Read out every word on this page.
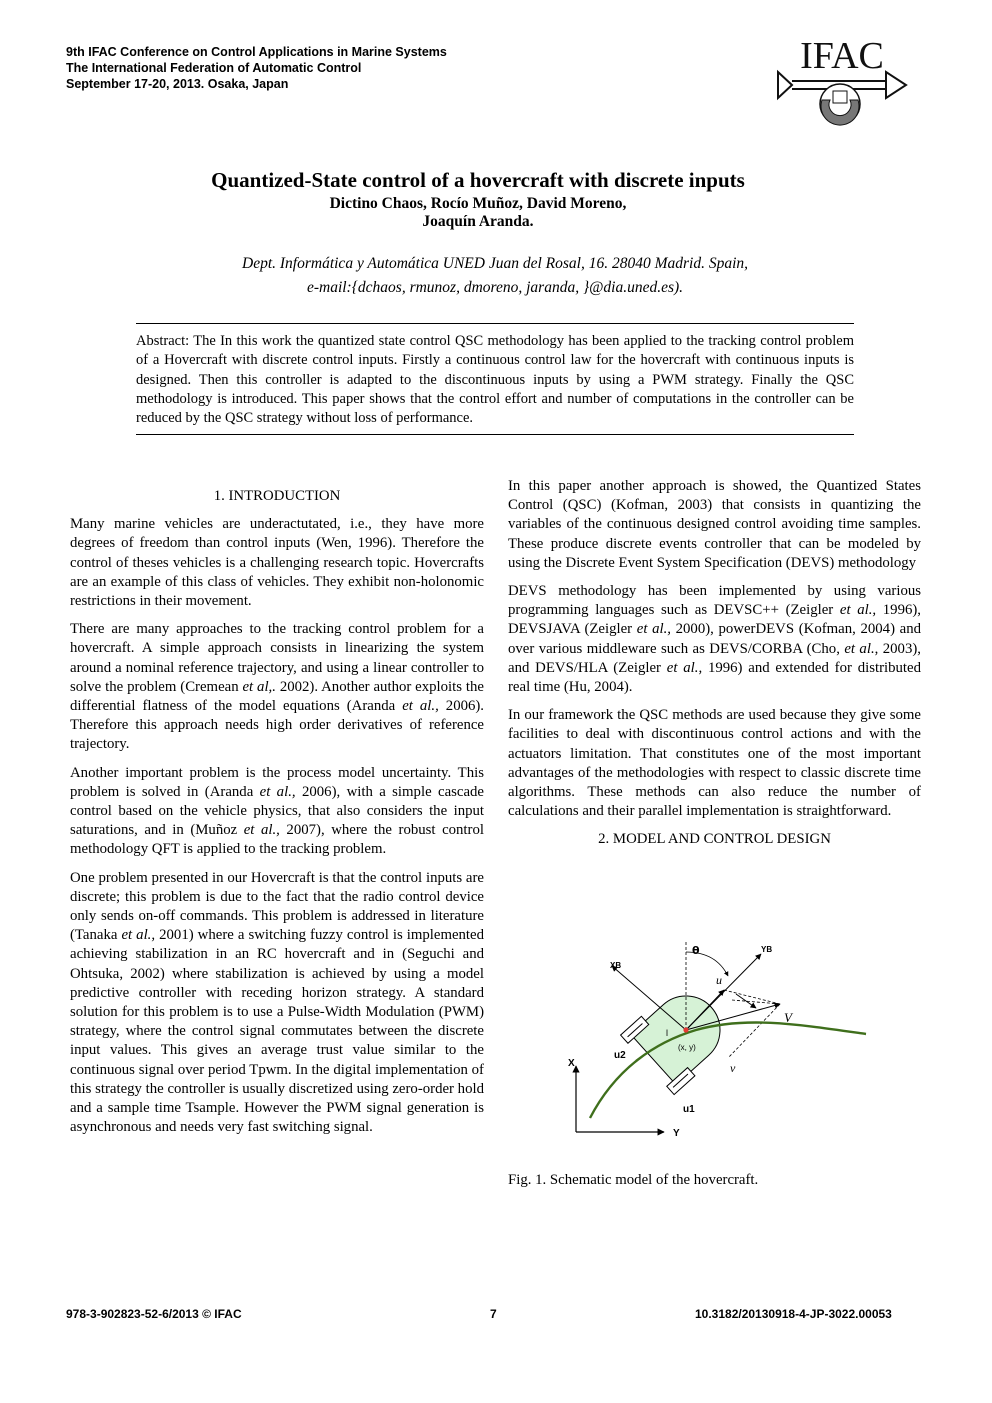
9th IFAC Conference on Control Applications in Marine Systems
The International Federation of Automatic Control
September 17-20, 2013. Osaka, Japan
IFAC
Quantized-State control of a hovercraft with discrete inputs
Dictino Chaos, Rocío Muñoz, David Moreno,
Joaquín Aranda.
Dept. Informática y Automática UNED Juan del Rosal, 16. 28040 Madrid. Spain,
e-mail:{dchaos, rmunoz, dmoreno, jaranda, }@dia.uned.es).
Abstract: The In this work the quantized state control QSC methodology has been applied to the tracking control problem of a Hovercraft with discrete control inputs. Firstly a continuous control law for the hovercraft with continuous inputs is designed. Then this controller is adapted to the discontinuous inputs by using a PWM strategy. Finally the QSC methodology is introduced. This paper shows that the control effort and number of computations in the controller can be reduced by the QSC strategy without loss of performance.
1. INTRODUCTION

Many marine vehicles are underactutated, i.e., they have more degrees of freedom than control inputs (Wen, 1996). Therefore the control of theses vehicles is a challenging research topic. Hovercrafts are an example of this class of vehicles. They exhibit non-holonomic restrictions in their movement.

There are many approaches to the tracking control problem for a hovercraft. A simple approach consists in linearizing the system around a nominal reference trajectory, and using a linear controller to solve the problem (Cremean et al,. 2002). Another author exploits the differential flatness of the model equations (Aranda et al., 2006). Therefore this approach needs high order derivatives of reference trajectory.

Another important problem is the process model uncertainty. This problem is solved in (Aranda et al., 2006), with a simple cascade control based on the vehicle physics, that also considers the input saturations, and in (Muñoz et al., 2007), where the robust control methodology QFT is applied to the tracking problem.

One problem presented in our Hovercraft is that the control inputs are discrete; this problem is due to the fact that the radio control device only sends on-off commands. This problem is addressed in literature (Tanaka et al., 2001) where a switching fuzzy control is implemented achieving stabilization in an RC hovercraft and in (Seguchi and Ohtsuka, 2002) where stabilization is achieved by using a model predictive controller with receding horizon strategy. A standard solution for this problem is to use a Pulse-Width Modulation (PWM) strategy, where the control signal commutates between the discrete input values. This gives an average trust value similar to the continuous signal over period Tpwm. In the digital implementation of this strategy the controller is usually discretized using zero-order hold and a sample time Tsample. However the PWM signal generation is asynchronous and needs very fast switching signal.

In this paper another approach is showed, the Quantized States Control (QSC) (Kofman, 2003) that consists in quantizing the variables of the continuous designed control avoiding time samples. These produce discrete events controller that can be modeled by using the Discrete Event System Specification (DEVS) methodology

DEVS methodology has been implemented by using various programming languages such as DEVSC++ (Zeigler et al., 1996), DEVSJAVA (Zeigler et al., 2000), powerDEVS (Kofman, 2004) and over various middleware such as DEVS/CORBA (Cho, et al., 2003), and DEVS/HLA (Zeigler et al., 1996) and extended for distributed real time (Hu, 2004).

In our framework the QSC methods are used because they give some facilities to deal with discontinuous control actions and with the actuators limitation. That constitutes one of the most important advantages of the methodologies with respect to classic discrete time algorithms. These methods can also reduce the number of calculations and their parallel implementation is straightforward.

2. MODEL AND CONTROL DESIGN
X
Y
θ	YB
XB
u
V
l
(x, y)
v
u2
u1
Fig. 1. Schematic model of the hovercraft.
978-3-902823-52-6/2013 © IFAC	7	10.3182/20130918-4-JP-3022.00053
